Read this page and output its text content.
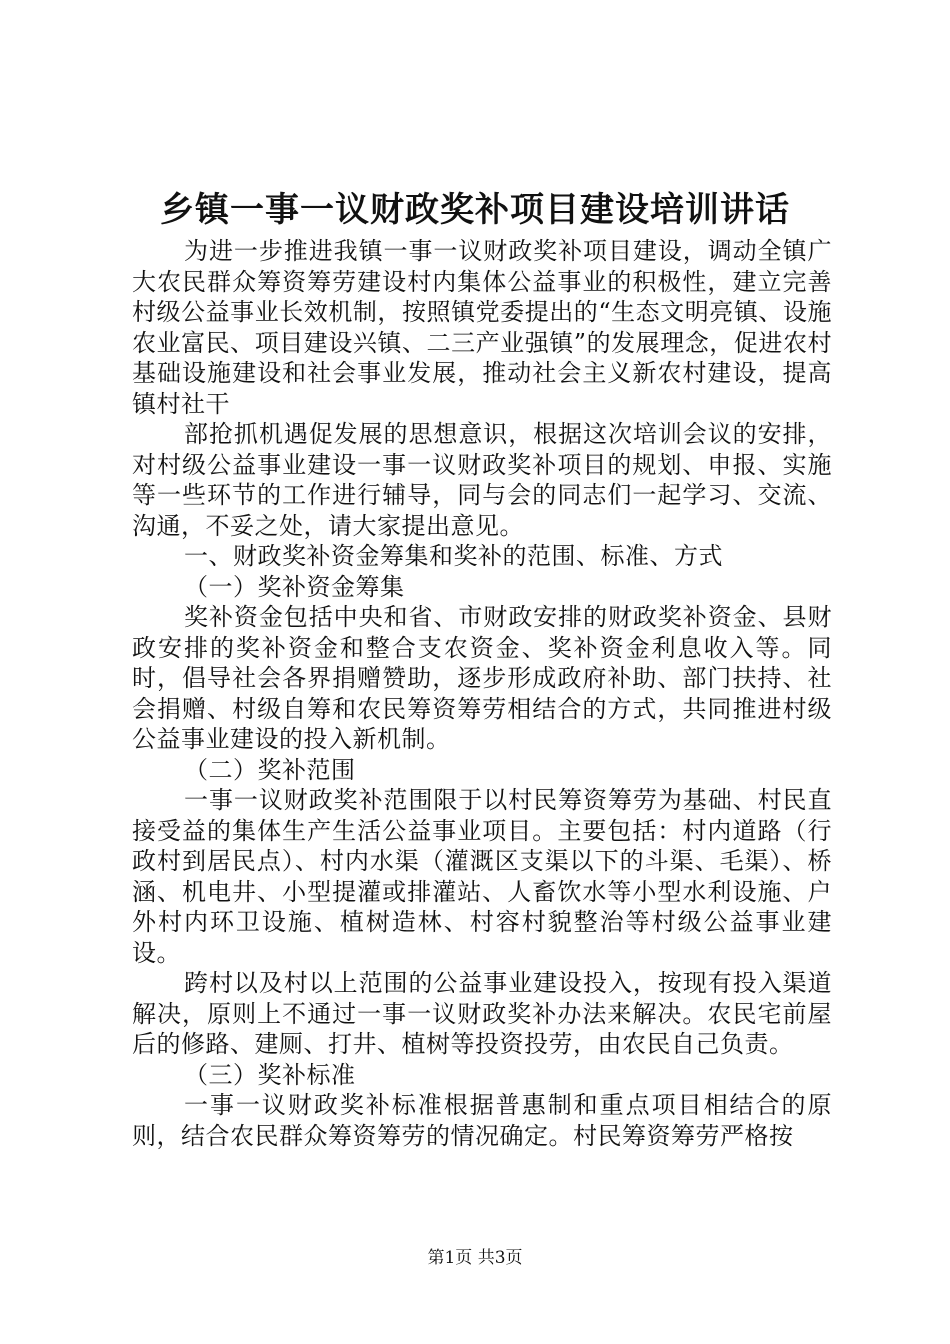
乡镇一事一议财政奖补项目建设培训讲话

为进一步推进我镇一事一议财政奖补项目建设，调动全镇广大农民群众筹资筹劳建设村内集体公益事业的积极性，建立完善村级公益事业长效机制，按照镇党委提出的“生态文明亮镇、设施农业富民、项目建设兴镇、二三产业强镇”的发展理念，促进农村基础设施建设和社会事业发展，推动社会主义新农村建设，提高镇村社干

部抢抓机遇促发展的思想意识，根据这次培训会议的安排，对村级公益事业建设一事一议财政奖补项目的规划、申报、实施等一些环节的工作进行辅导，同与会的同志们一起学习、交流、沟通，不妥之处，请大家提出意见。

一、财政奖补资金筹集和奖补的范围、标准、方式

（一）奖补资金筹集

奖补资金包括中央和省、市财政安排的财政奖补资金、县财政安排的奖补资金和整合支农资金、奖补资金利息收入等。同时，倡导社会各界捐赠赞助，逐步形成政府补助、部门扶持、社会捐赠、村级自筹和农民筹资筹劳相结合的方式，共同推进村级公益事业建设的投入新机制。

（二）奖补范围

一事一议财政奖补范围限于以村民筹资筹劳为基础、村民直接受益的集体生产生活公益事业项目。主要包括：村内道路（行政村到居民点）、村内水渠（灌溉区支渠以下的斗渠、毛渠）、桥涵、机电井、小型提灌或排灌站、人畜饮水等小型水利设施、户外村内环卫设施、植树造林、村容村貌整治等村级公益事业建设。

跨村以及村以上范围的公益事业建设投入，按现有投入渠道解决，原则上不通过一事一议财政奖补办法来解决。农民宅前屋后的修路、建厕、打井、植树等投资投劳，由农民自己负责。

（三）奖补标准

一事一议财政奖补标准根据普惠制和重点项目相结合的原则，结合农民群众筹资筹劳的情况确定。村民筹资筹劳严格按

第1页 共3页
